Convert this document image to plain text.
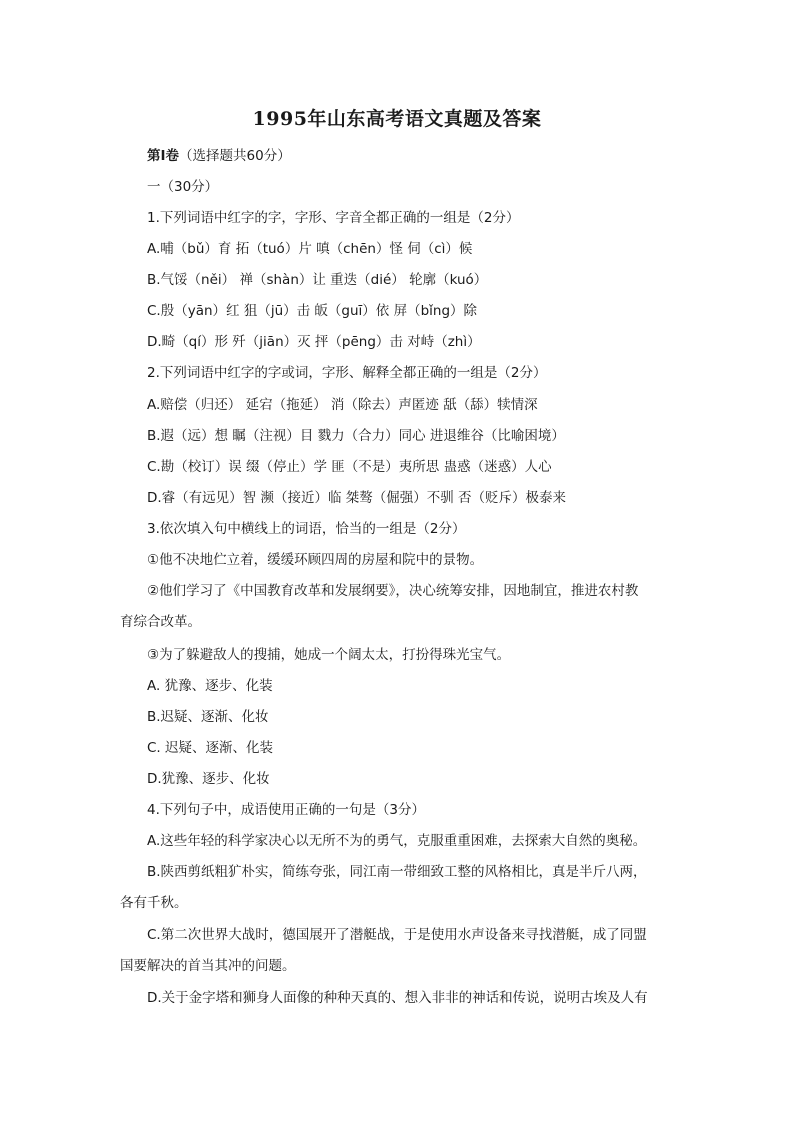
1995年山东高考语文真题及答案
第Ⅰ卷（选择题共60分）
一（30分）
1.下列词语中红字的字，字形、字音全都正确的一组是（2分）
A.哺（bǔ）育 拓（tuó）片 嗔（chēn）怪 伺（cì）候
B.气馁（něi） 禅（shàn）让 重迭（dié） 轮廓（kuó）
C.殷（yān）红 狙（jū）击 皈（guī）依 屏（bǐng）除
D.畸（qí）形 歼（jiān）灭 抨（pēng）击 对峙（zhì）
2.下列词语中红字的字或词，字形、解释全都正确的一组是（2分）
A.赔偿（归还） 延宕（拖延） 消（除去）声匿迹 舐（舔）犊情深
B.遐（远）想 瞩（注视）目 戮力（合力）同心 进退维谷（比喻困境）
C.勘（校订）误 缀（停止）学 匪（不是）夷所思 蛊惑（迷惑）人心
D.睿（有远见）智 濒（接近）临 桀骜（倔强）不驯 否（贬斥）极泰来
3.依次填入句中横线上的词语，恰当的一组是（2分）
①他不决地伫立着，缓缓环顾四周的房屋和院中的景物。
②他们学习了《中国教育改革和发展纲要》，决心统筹安排，因地制宜，推进农村教
育综合改革。
③为了躲避敌人的搜捕，她成一个阔太太，打扮得珠光宝气。
A. 犹豫、逐步、化装
B.迟疑、逐渐、化妆
C. 迟疑、逐渐、化装
D.犹豫、逐步、化妆
4.下列句子中，成语使用正确的一句是（3分）
A.这些年轻的科学家决心以无所不为的勇气，克服重重困难，去探索大自然的奥秘。
B.陕西剪纸粗犷朴实，简练夸张，同江南一带细致工整的风格相比，真是半斤八两，
各有千秋。
C.第二次世界大战时，德国展开了潜艇战，于是使用水声设备来寻找潜艇，成了同盟
国要解决的首当其冲的问题。
D.关于金字塔和狮身人面像的种种天真的、想入非非的神话和传说，说明古埃及人有
